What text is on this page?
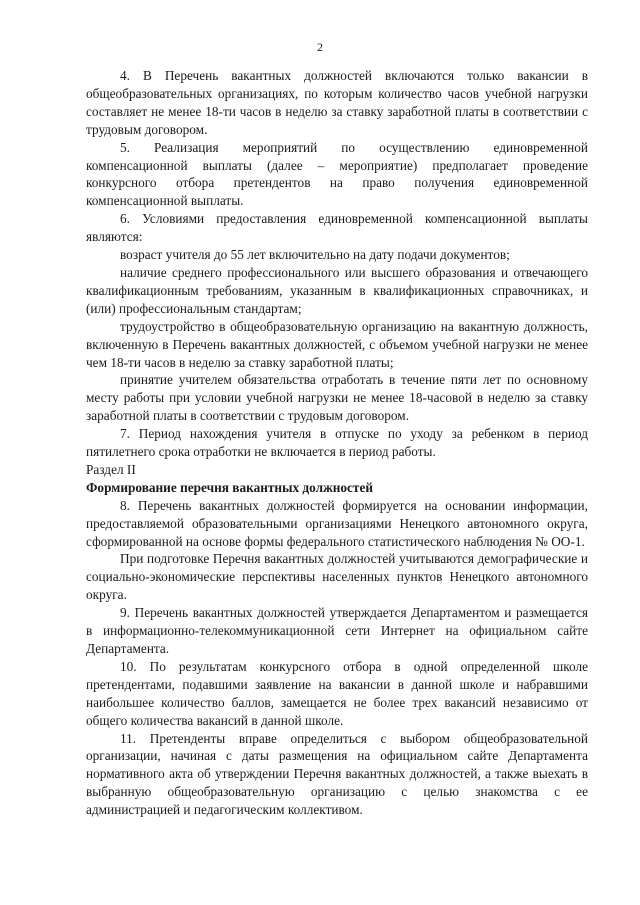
2

4. В Перечень вакантных должностей включаются только вакансии в общеобразовательных организациях, по которым количество часов учебной нагрузки составляет не менее 18-ти часов в неделю за ставку заработной платы в соответствии с трудовым договором.

5. Реализация мероприятий по осуществлению единовременной компенсационной выплаты (далее – мероприятие) предполагает проведение конкурсного отбора претендентов на право получения единовременной компенсационной выплаты.

6. Условиями предоставления единовременной компенсационной выплаты являются:

возраст учителя до 55 лет включительно на дату подачи документов;

наличие среднего профессионального или высшего образования и отвечающего квалификационным требованиям, указанным в квалификационных справочниках, и (или) профессиональным стандартам;

трудоустройство в общеобразовательную организацию на вакантную должность, включенную в Перечень вакантных должностей, с объемом учебной нагрузки не менее чем 18-ти часов в неделю за ставку заработной платы;

принятие учителем обязательства отработать в течение пяти лет по основному месту работы при условии учебной нагрузки не менее 18-часовой в неделю за ставку заработной платы в соответствии с трудовым договором.

7. Период нахождения учителя в отпуске по уходу за ребенком в период пятилетнего срока отработки не включается в период работы.

Раздел II

Формирование перечня вакантных должностей

8. Перечень вакантных должностей формируется на основании информации, предоставляемой образовательными организациями Ненецкого автономного округа, сформированной на основе формы федерального статистического наблюдения № ОО-1.

При подготовке Перечня вакантных должностей учитываются демографические и социально-экономические перспективы населенных пунктов Ненецкого автономного округа.

9. Перечень вакантных должностей утверждается Департаментом и размещается в информационно-телекоммуникационной сети Интернет на официальном сайте Департамента.

10. По результатам конкурсного отбора в одной определенной школе претендентами, подавшими заявление на вакансии в данной школе и набравшими наибольшее количество баллов, замещается не более трех вакансий независимо от общего количества вакансий в данной школе.

11. Претенденты вправе определиться с выбором общеобразовательной организации, начиная с даты размещения на официальном сайте Департамента нормативного акта об утверждении Перечня вакантных должностей, а также выехать в выбранную общеобразовательную организацию с целью знакомства с ее администрацией и педагогическим коллективом.
